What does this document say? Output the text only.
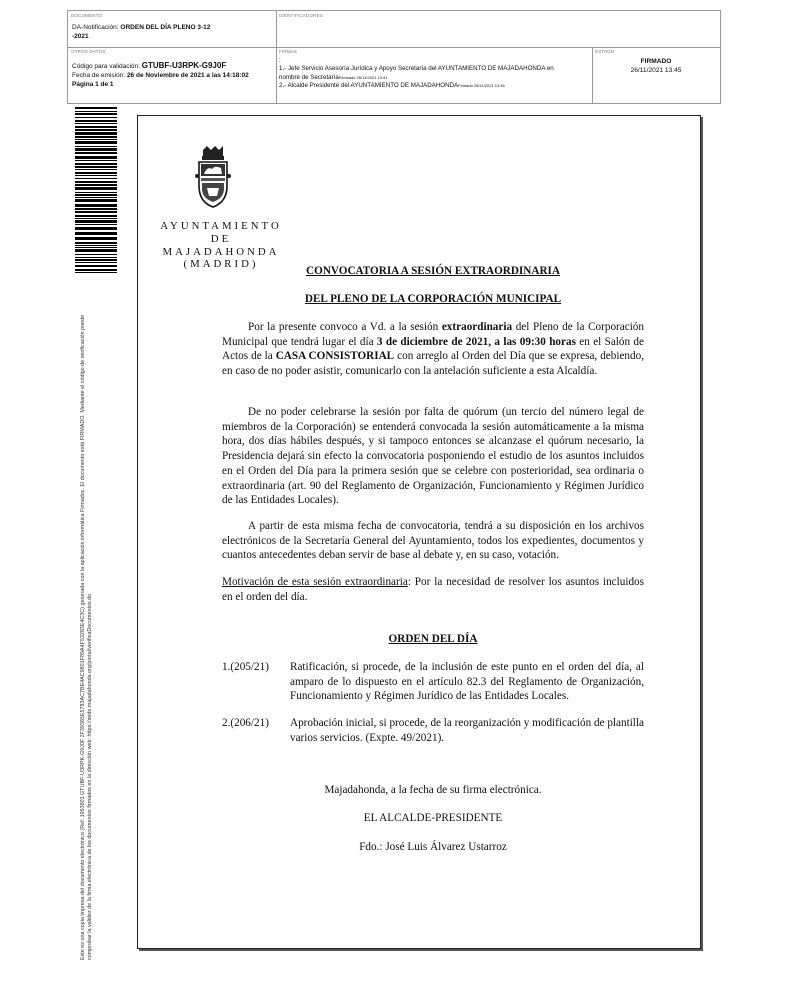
DOCUMENTO
DA-Notificación: ORDEN DEL DÍA PLENO 3-12
-2021
IDENTIFICADORES
OTROS DATOS
Código para validación: GTUBF-U3RPK-G9J0F
Fecha de emisión: 26 de Noviembre de 2021 a las 14:18:02
Página 1 de 1
FIRMAS
:
1.- Jefe Servicio Asesoría Jurídica y Apoyo Secretaría del AYUNTAMIENTO DE MAJADAHONDA en
nombre de SecretaríaRevisado 26/11/2021 13:41
2.- Alcalde Presidente del AYUNTAMIENTO DE MAJADAHONDAFirmado 26/11/2021 13:45
ESTADO
FIRMADO
26/11/2021 13:45
Este es una copia impresa del documento electrónico (Ref: 1953801 GTUBF-U3RPK-G9J0F 2F39385E5783AC7BE4AC9801F89A4F53283E4C3C) generada con la aplicación informática Firmadoc. El documento está FIRMADO. Mediante el código de verificación puede comprobar la validez de la firma electrónica de los documentos firmados en la dirección web: https://sede.majadahonda.org/portal/verificaDocumentos.do
AYUNTAMIENTO DE
MAJADAHONDA
(MADRID)
CONVOCATORIA A SESIÓN EXTRAORDINARIA
DEL PLENO DE LA CORPORACIÓN MUNICIPAL
Por la presente convoco a Vd. a la sesión extraordinaria del Pleno de la Corporación Municipal que tendrá lugar el día 3 de diciembre de 2021, a las 09:30 horas en el Salón de Actos de la CASA CONSISTORIAL con arreglo al Orden del Día que se expresa, debiendo, en caso de no poder asistir, comunicarlo con la antelación suficiente a esta Alcaldía.
De no poder celebrarse la sesión por falta de quórum (un tercio del número legal de miembros de la Corporación) se entenderá convocada la sesión automáticamente a la misma hora, dos días hábiles después, y si tampoco entonces se alcanzase el quórum necesario, la Presidencia dejará sin efecto la convocatoria posponiendo el estudio de los asuntos incluidos en el Orden del Día para la primera sesión que se celebre con posterioridad, sea ordinaria o extraordinaria (art. 90 del Reglamento de Organización, Funcionamiento y Régimen Jurídico de las Entidades Locales).
A partir de esta misma fecha de convocatoria, tendrá a su disposición en los archivos electrónicos de la Secretaría General del Ayuntamiento, todos los expedientes, documentos y cuantos antecedentes deban servir de base al debate y, en su caso, votación.
Motivación de esta sesión extraordinaria: Por la necesidad de resolver los asuntos incluidos en el orden del día.
ORDEN DEL DÍA
1.(205/21)	Ratificación, si procede, de la inclusión de este punto en el orden del día, al amparo de lo dispuesto en el artículo 82.3 del Reglamento de Organización, Funcionamiento y Régimen Jurídico de las Entidades Locales.
2.(206/21)	Aprobación inicial, si procede, de la reorganización y modificación de plantilla varios servicios. (Expte. 49/2021).
Majadahonda, a la fecha de su firma electrónica.
EL ALCALDE-PRESIDENTE
Fdo.: José Luis Álvarez Ustarroz
